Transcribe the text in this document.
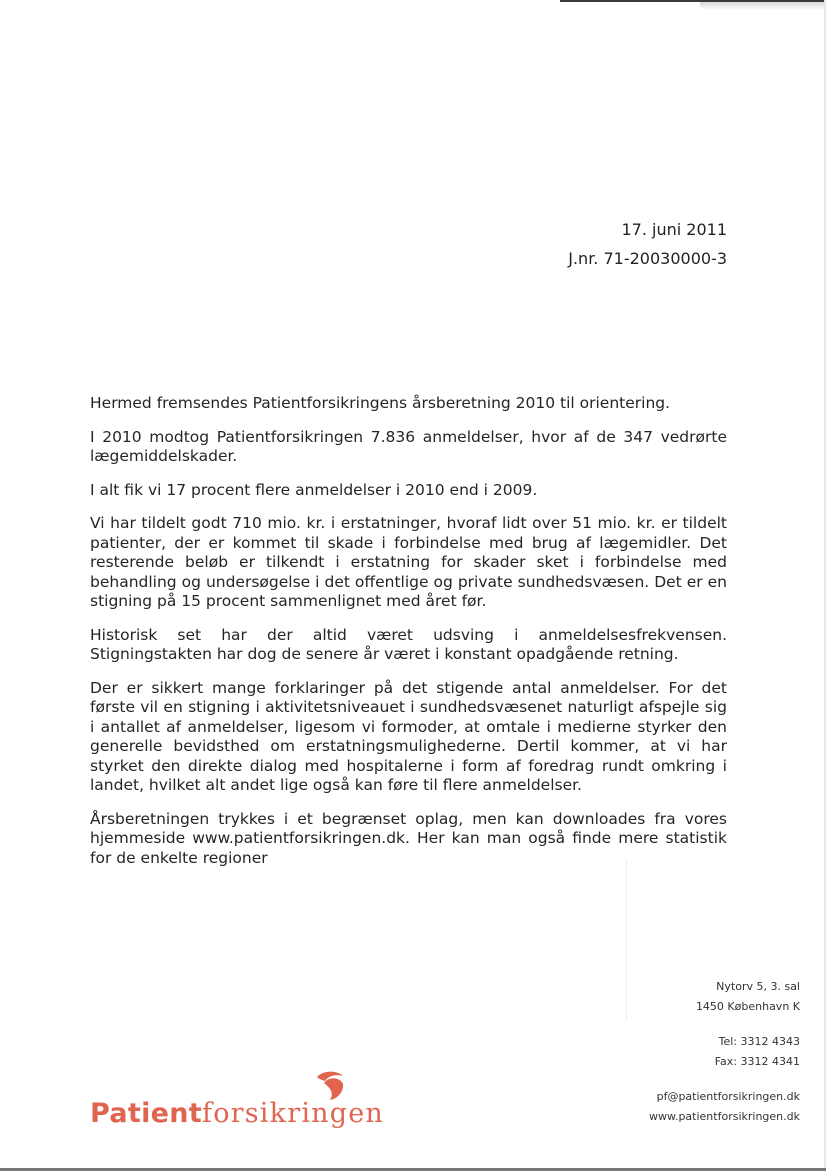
17. juni 2011
J.nr. 71-20030000-3

Hermed fremsendes Patientforsikringens årsberetning 2010 til orientering.

I 2010 modtog Patientforsikringen 7.836 anmeldelser, hvor af de 347 vedrørte lægemiddelskader.

I alt fik vi 17 procent flere anmeldelser i 2010 end i 2009.

Vi har tildelt godt 710 mio. kr. i erstatninger, hvoraf lidt over 51 mio. kr. er tildelt patienter, der er kommet til skade i forbindelse med brug af lægemidler. Det resterende beløb er tilkendt i erstatning for skader sket i forbindelse med behandling og undersøgelse i det offentlige og private sundhedsvæsen. Det er en stigning på 15 procent sammenlignet med året før.

Historisk set har der altid været udsving i anmeldelsesfrekvensen. Stigningstakten har dog de senere år været i konstant opadgående retning.

Der er sikkert mange forklaringer på det stigende antal anmeldelser. For det første vil en stigning i aktivitetsniveauet i sundhedsvæsenet naturligt afspejle sig i antallet af anmeldelser, ligesom vi formoder, at omtale i medierne styrker den generelle bevidsthed om erstatningsmulighederne. Dertil kommer, at vi har styrket den direkte dialog med hospitalerne i form af foredrag rundt omkring i landet, hvilket alt andet lige også kan føre til flere anmeldelser.

Årsberetningen trykkes i et begrænset oplag, men kan downloades fra vores hjemmeside www.patientforsikringen.dk. Her kan man også finde mere statistik for de enkelte regioner

Nytorv 5, 3. sal
1450 København K
Tel: 3312 4343
Fax: 3312 4341
pf@patientforsikringen.dk
www.patientforsikringen.dk
Patientforsikringen
